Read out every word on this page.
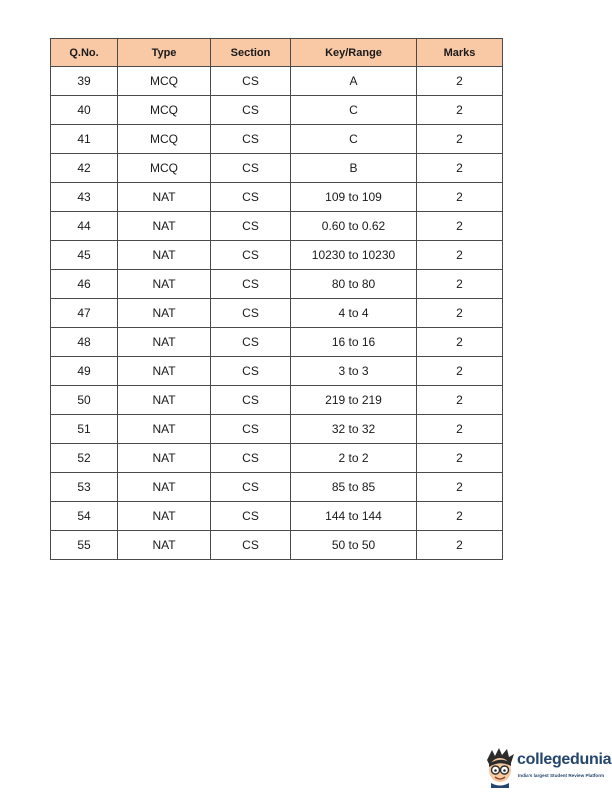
Q.No.	Type	Section	Key/Range	Marks
39	MCQ	CS	A	2
40	MCQ	CS	C	2
41	MCQ	CS	C	2
42	MCQ	CS	B	2
43	NAT	CS	109 to 109	2
44	NAT	CS	0.60 to 0.62	2
45	NAT	CS	10230 to 10230	2
46	NAT	CS	80 to 80	2
47	NAT	CS	4 to 4	2
48	NAT	CS	16 to 16	2
49	NAT	CS	3 to 3	2
50	NAT	CS	219 to 219	2
51	NAT	CS	32 to 32	2
52	NAT	CS	2 to 2	2
53	NAT	CS	85 to 85	2
54	NAT	CS	144 to 144	2
55	NAT	CS	50 to 50	2
collegedunia
India's largest Student Review Platform
